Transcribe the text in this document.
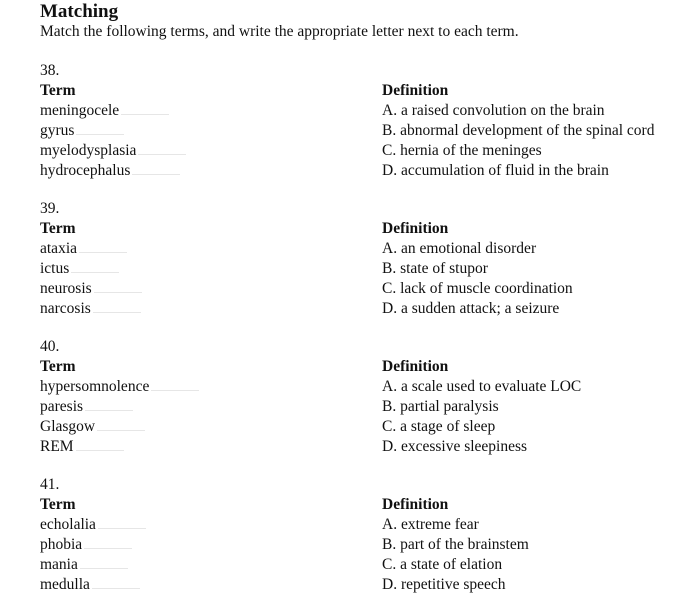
Matching
Match the following terms, and write the appropriate letter next to each term.
38.
Term
meningocele
gyrus
myelodysplasia
hydrocephalus
Definition
A. a raised convolution on the brain
B. abnormal development of the spinal cord
C. hernia of the meninges
D. accumulation of fluid in the brain
39.
Term
ataxia
ictus
neurosis
narcosis
Definition
A. an emotional disorder
B. state of stupor
C. lack of muscle coordination
D. a sudden attack; a seizure
40.
Term
hypersomnolence
paresis
Glasgow
REM
Definition
A. a scale used to evaluate LOC
B. partial paralysis
C. a stage of sleep
D. excessive sleepiness
41.
Term
echolalia
phobia
mania
medulla
Definition
A. extreme fear
B. part of the brainstem
C. a state of elation
D. repetitive speech
